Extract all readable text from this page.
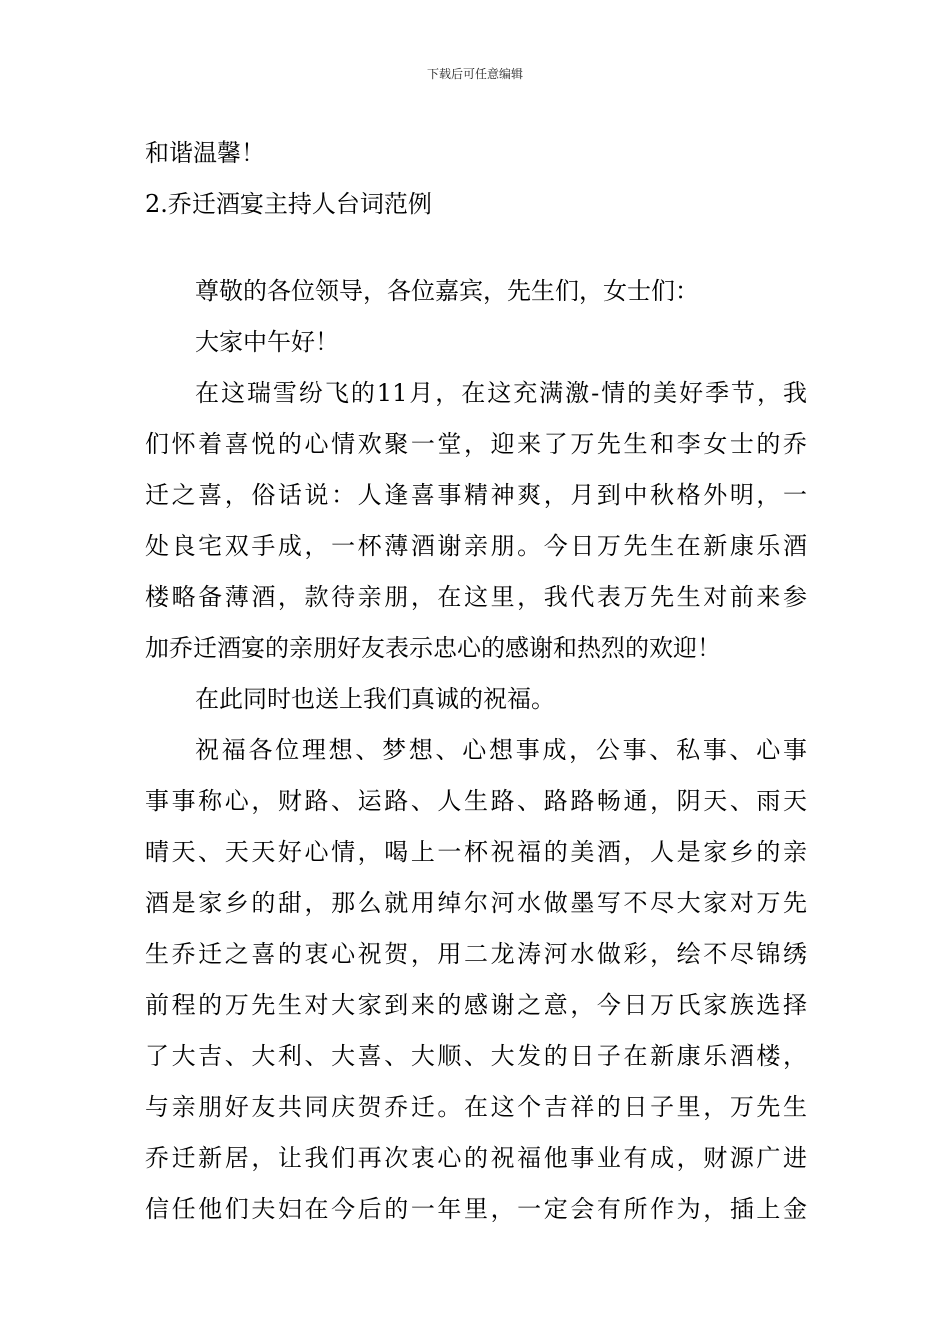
下载后可任意编辑

和谐温馨！

2.乔迁酒宴主持人台词范例

尊敬的各位领导，各位嘉宾，先生们，女士们：

大家中午好！

在这瑞雪纷飞的11月，在这充满激-情的美好季节，我

们怀着喜悦的心情欢聚一堂，迎来了万先生和李女士的乔

迁之喜，俗话说：人逢喜事精神爽，月到中秋格外明，一

处良宅双手成，一杯薄酒谢亲朋。今日万先生在新康乐酒

楼略备薄酒，款待亲朋，在这里，我代表万先生对前来参

加乔迁酒宴的亲朋好友表示忠心的感谢和热烈的欢迎！

在此同时也送上我们真诚的祝福。

祝福各位理想、梦想、心想事成，公事、私事、心事

事事称心，财路、运路、人生路、路路畅通，阴天、雨天

晴天、天天好心情，喝上一杯祝福的美酒，人是家乡的亲

酒是家乡的甜，那么就用绰尔河水做墨写不尽大家对万先

生乔迁之喜的衷心祝贺，用二龙涛河水做彩，绘不尽锦绣

前程的万先生对大家到来的感谢之意，今日万氏家族选择

了大吉、大利、大喜、大顺、大发的日子在新康乐酒楼，

与亲朋好友共同庆贺乔迁。在这个吉祥的日子里，万先生

乔迁新居，让我们再次衷心的祝福他事业有成，财源广进

信任他们夫妇在今后的一年里，一定会有所作为，插上金
